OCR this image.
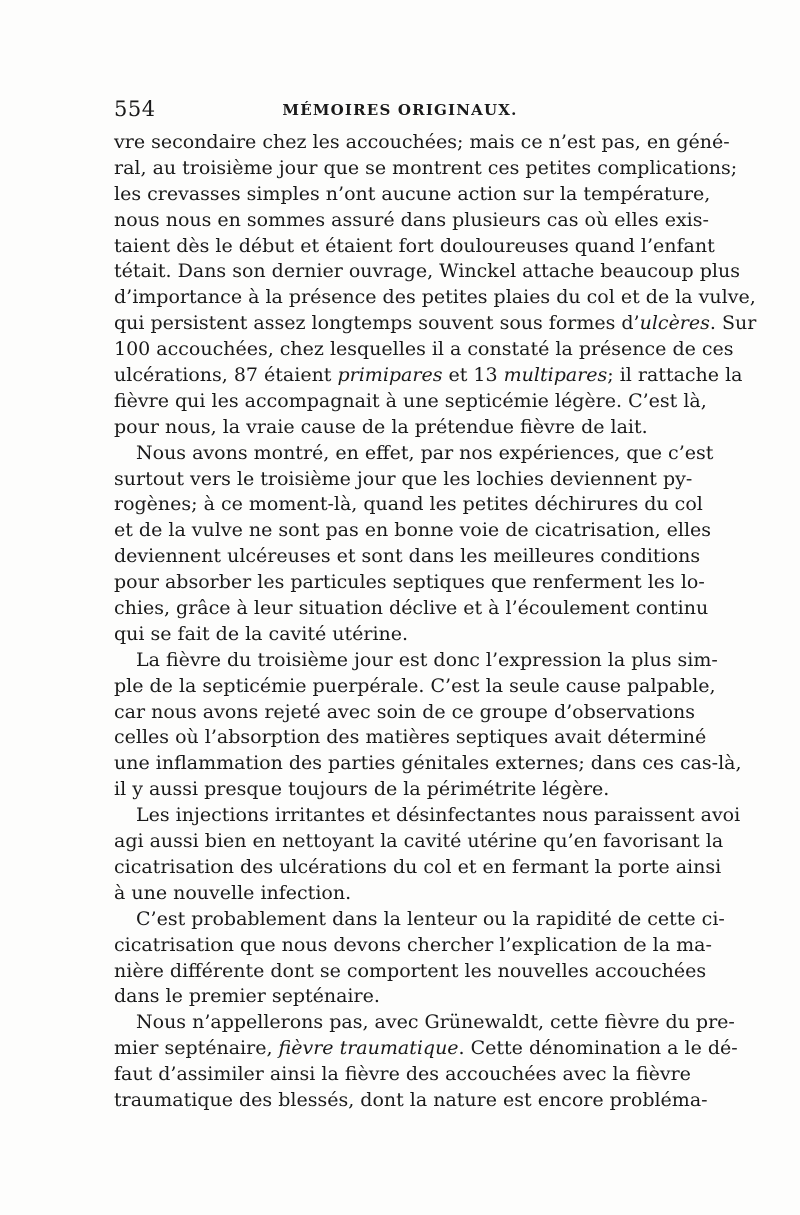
554	MÉMOIRES ORIGINAUX.
vre secondaire chez les accouchées; mais ce n’est pas, en géné-
ral, au troisième jour que se montrent ces petites complications;
les crevasses simples n’ont aucune action sur la température,
nous nous en sommes assuré dans plusieurs cas où elles exis-
taient dès le début et étaient fort douloureuses quand l’enfant
tétait. Dans son dernier ouvrage, Winckel attache beaucoup plus
d’importance à la présence des petites plaies du col et de la vulve,
qui persistent assez longtemps souvent sous formes d’ulcères. Sur
100 accouchées, chez lesquelles il a constaté la présence de ces
ulcérations, 87 étaient primipares et 13 multipares; il rattache la
fièvre qui les accompagnait à une septicémie légère. C’est là,
pour nous, la vraie cause de la prétendue fièvre de lait.
Nous avons montré, en effet, par nos expériences, que c’est
surtout vers le troisième jour que les lochies deviennent py-
rogènes; à ce moment-là, quand les petites déchirures du col
et de la vulve ne sont pas en bonne voie de cicatrisation, elles
deviennent ulcéreuses et sont dans les meilleures conditions
pour absorber les particules septiques que renferment les lo-
chies, grâce à leur situation déclive et à l’écoulement continu
qui se fait de la cavité utérine.
La fièvre du troisième jour est donc l’expression la plus sim-
ple de la septicémie puerpérale. C’est la seule cause palpable,
car nous avons rejeté avec soin de ce groupe d’observations
celles où l’absorption des matières septiques avait déterminé
une inflammation des parties génitales externes; dans ces cas-là,
il y aussi presque toujours de la périmétrite légère.
Les injections irritantes et désinfectantes nous paraissent avoi
agi aussi bien en nettoyant la cavité utérine qu’en favorisant la
cicatrisation des ulcérations du col et en fermant la porte ainsi
à une nouvelle infection.
C’est probablement dans la lenteur ou la rapidité de cette ci-
cicatrisation que nous devons chercher l’explication de la ma-
nière différente dont se comportent les nouvelles accouchées
dans le premier septénaire.
Nous n’appellerons pas, avec Grünewaldt, cette fièvre du pre-
mier septénaire, fièvre traumatique. Cette dénomination a le dé-
faut d’assimiler ainsi la fièvre des accouchées avec la fièvre
traumatique des blessés, dont la nature est encore probléma-
